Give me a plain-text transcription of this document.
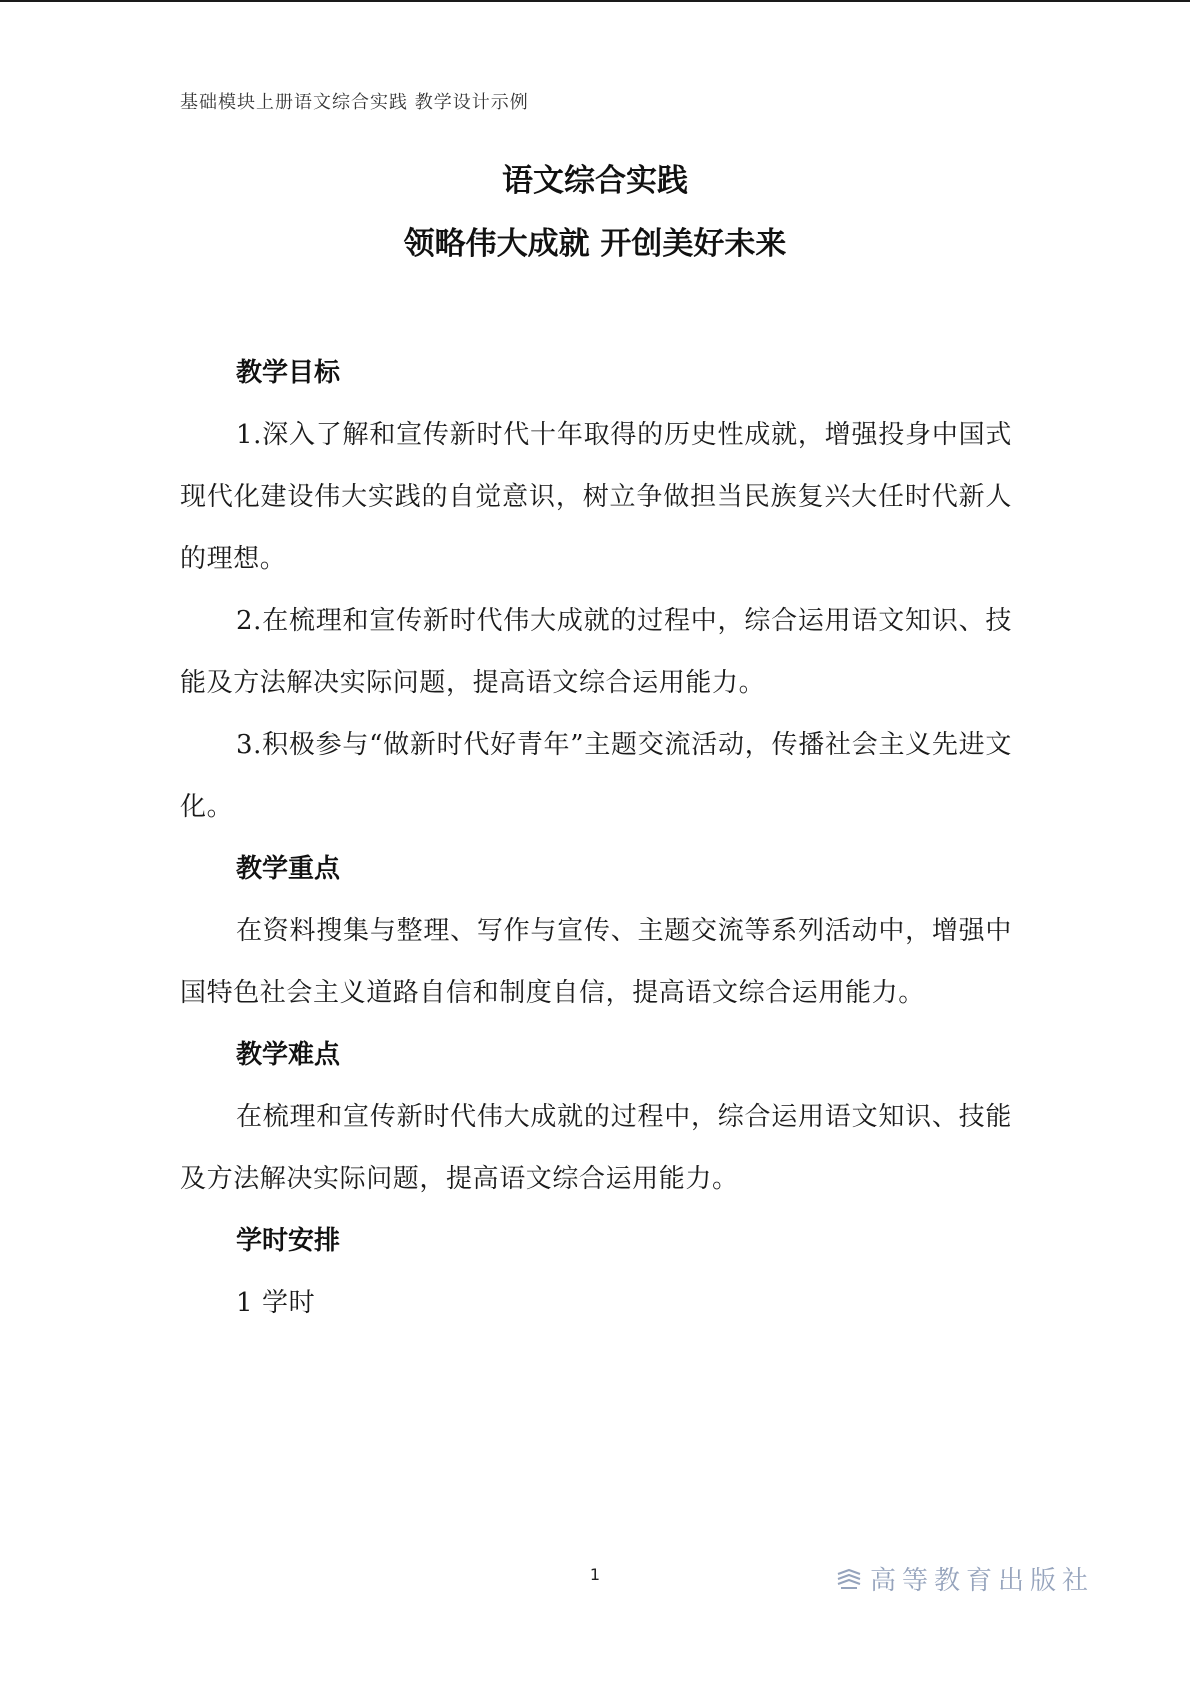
基础模块上册语文综合实践 教学设计示例
语文综合实践
领略伟大成就 开创美好未来

教学目标

1.深入了解和宣传新时代十年取得的历史性成就，增强投身中国式现代化建设伟大实践的自觉意识，树立争做担当民族复兴大任时代新人的理想。

2.在梳理和宣传新时代伟大成就的过程中，综合运用语文知识、技能及方法解决实际问题，提高语文综合运用能力。

3.积极参与“做新时代好青年”主题交流活动，传播社会主义先进文化。

教学重点

在资料搜集与整理、写作与宣传、主题交流等系列活动中，增强中国特色社会主义道路自信和制度自信，提高语文综合运用能力。

教学难点

在梳理和宣传新时代伟大成就的过程中，综合运用语文知识、技能及方法解决实际问题，提高语文综合运用能力。

学时安排

1 学时

1	高等教育出版社
